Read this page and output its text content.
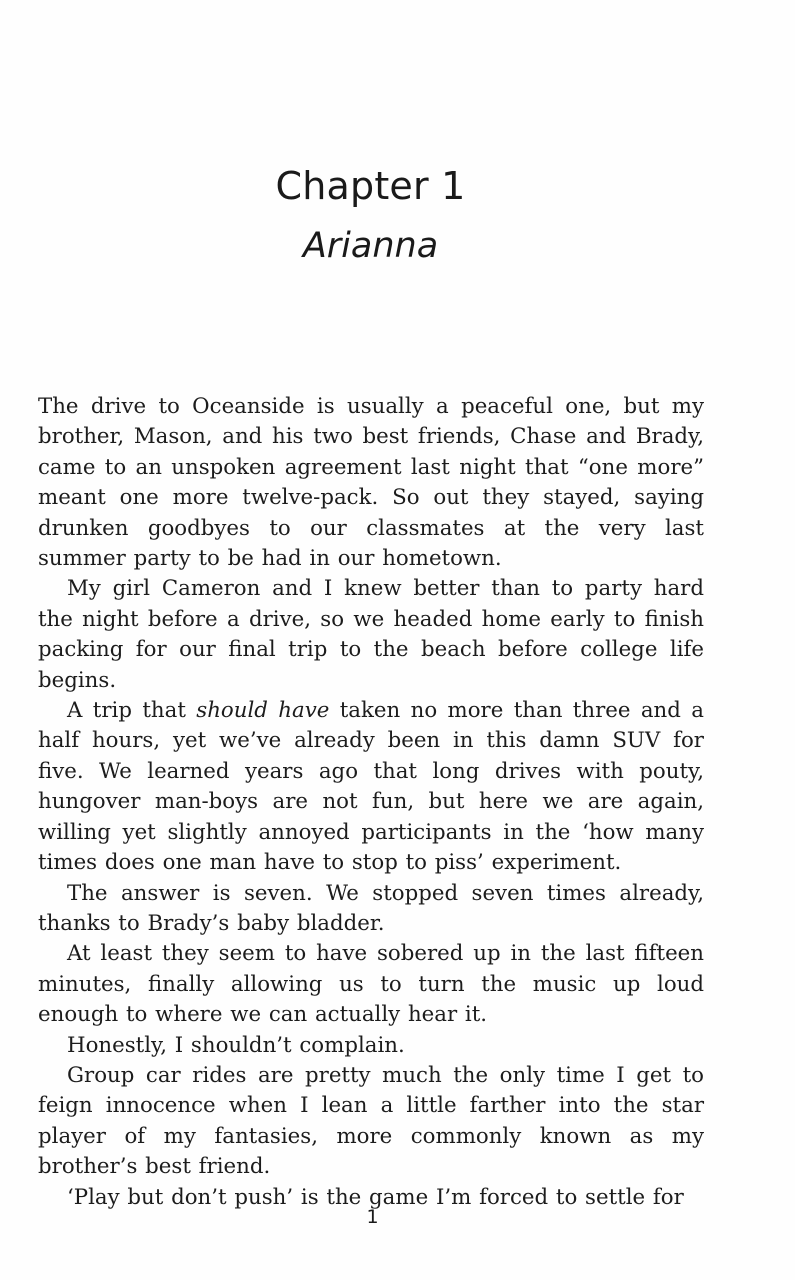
Chapter 1
Arianna

The drive to Oceanside is usually a peaceful one, but my brother, Mason, and his two best friends, Chase and Brady, came to an unspoken agreement last night that “one more” meant one more twelve-pack. So out they stayed, saying drunken goodbyes to our classmates at the very last summer party to be had in our hometown.

My girl Cameron and I knew better than to party hard the night before a drive, so we headed home early to finish packing for our final trip to the beach before college life begins.

A trip that should have taken no more than three and a half hours, yet we’ve already been in this damn SUV for five. We learned years ago that long drives with pouty, hungover man-boys are not fun, but here we are again, willing yet slightly annoyed participants in the ‘how many times does one man have to stop to piss’ experiment.

The answer is seven. We stopped seven times already, thanks to Brady’s baby bladder.

At least they seem to have sobered up in the last fifteen minutes, finally allowing us to turn the music up loud enough to where we can actually hear it.

Honestly, I shouldn’t complain.

Group car rides are pretty much the only time I get to feign innocence when I lean a little farther into the star player of my fantasies, more commonly known as my brother’s best friend.

‘Play but don’t push’ is the game I’m forced to settle for

1
